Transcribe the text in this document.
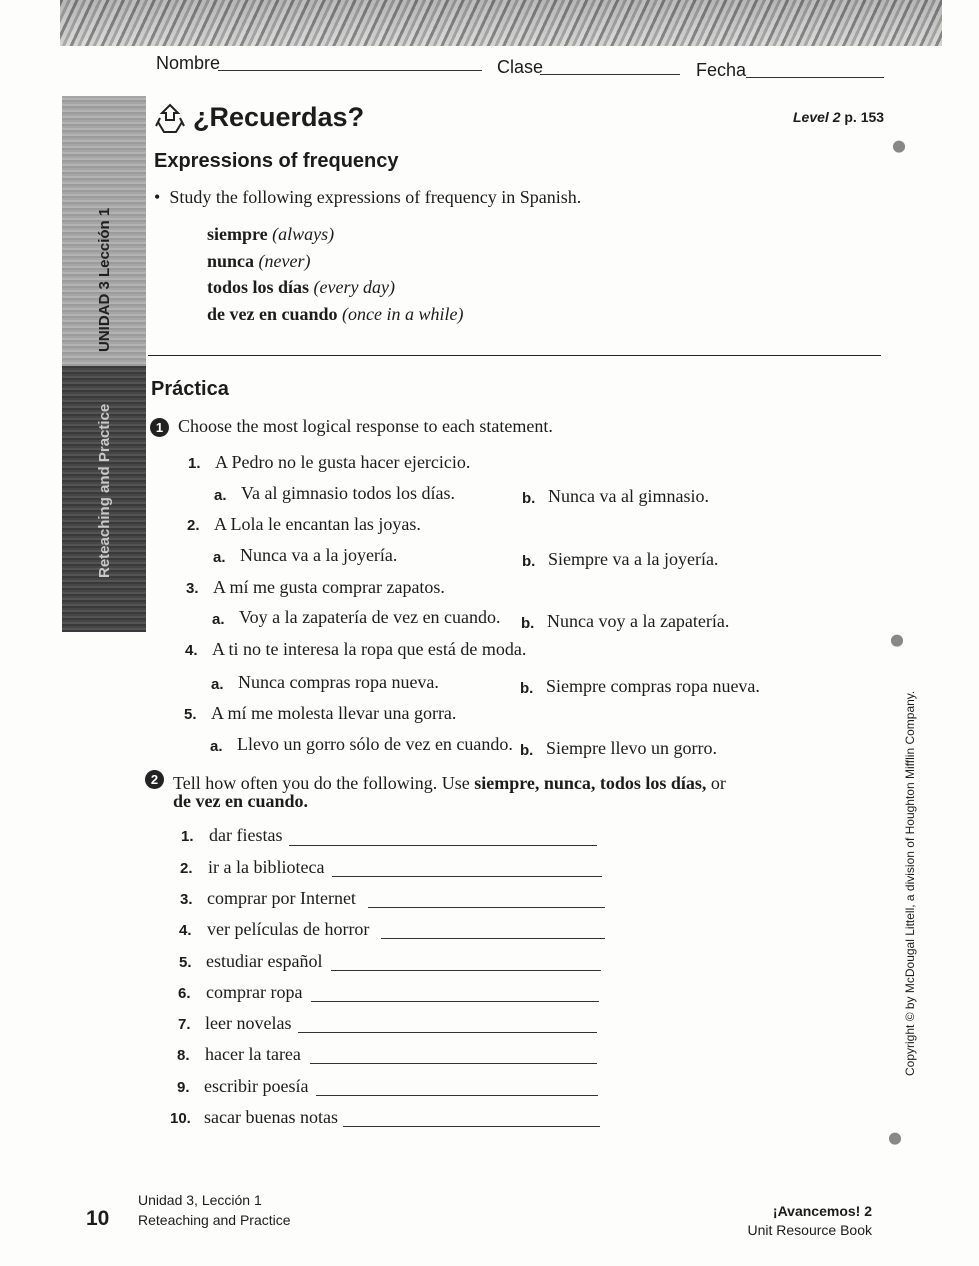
Nombre	Clase	Fecha
UNIDAD 3 Lección 1
Reteaching and Practice
¿Recuerdas?	Level 2 p. 153
⦁
Expressions of frequency
• Study the following expressions of frequency in Spanish.
siempre (always)
nunca (never)
todos los días (every day)
de vez en cuando (once in a while)
Práctica
1 Choose the most logical response to each statement.
1. A Pedro no le gusta hacer ejercicio.
a. Va al gimnasio todos los días.	b. Nunca va al gimnasio.
2. A Lola le encantan las joyas.
a. Nunca va a la joyería.	b. Siempre va a la joyería.
3. A mí me gusta comprar zapatos.
a. Voy a la zapatería de vez en cuando. b. Nunca voy a la zapatería.
4. A ti no te interesa la ropa que está de moda.
a. Nunca compras ropa nueva.	b. Siempre compras ropa nueva.
5. A mí me molesta llevar una gorra.
a. Llevo un gorro sólo de vez en cuando. b. Siempre llevo un gorro.
⦁
2 Tell how often you do the following. Use siempre, nunca, todos los días, or
de vez en cuando.
1. dar fiestas
2. ir a la biblioteca
3. comprar por Internet
4. ver películas de horror
5. estudiar español
6. comprar ropa
7. leer novelas
8. hacer la tarea
9. escribir poesía
10. sacar buenas notas
⦁
Copyright © by McDougal Littell, a division of Houghton Mifflin Company.
10
Unidad 3, Lección 1
Reteaching and Practice
¡Avancemos! 2
Unit Resource Book
